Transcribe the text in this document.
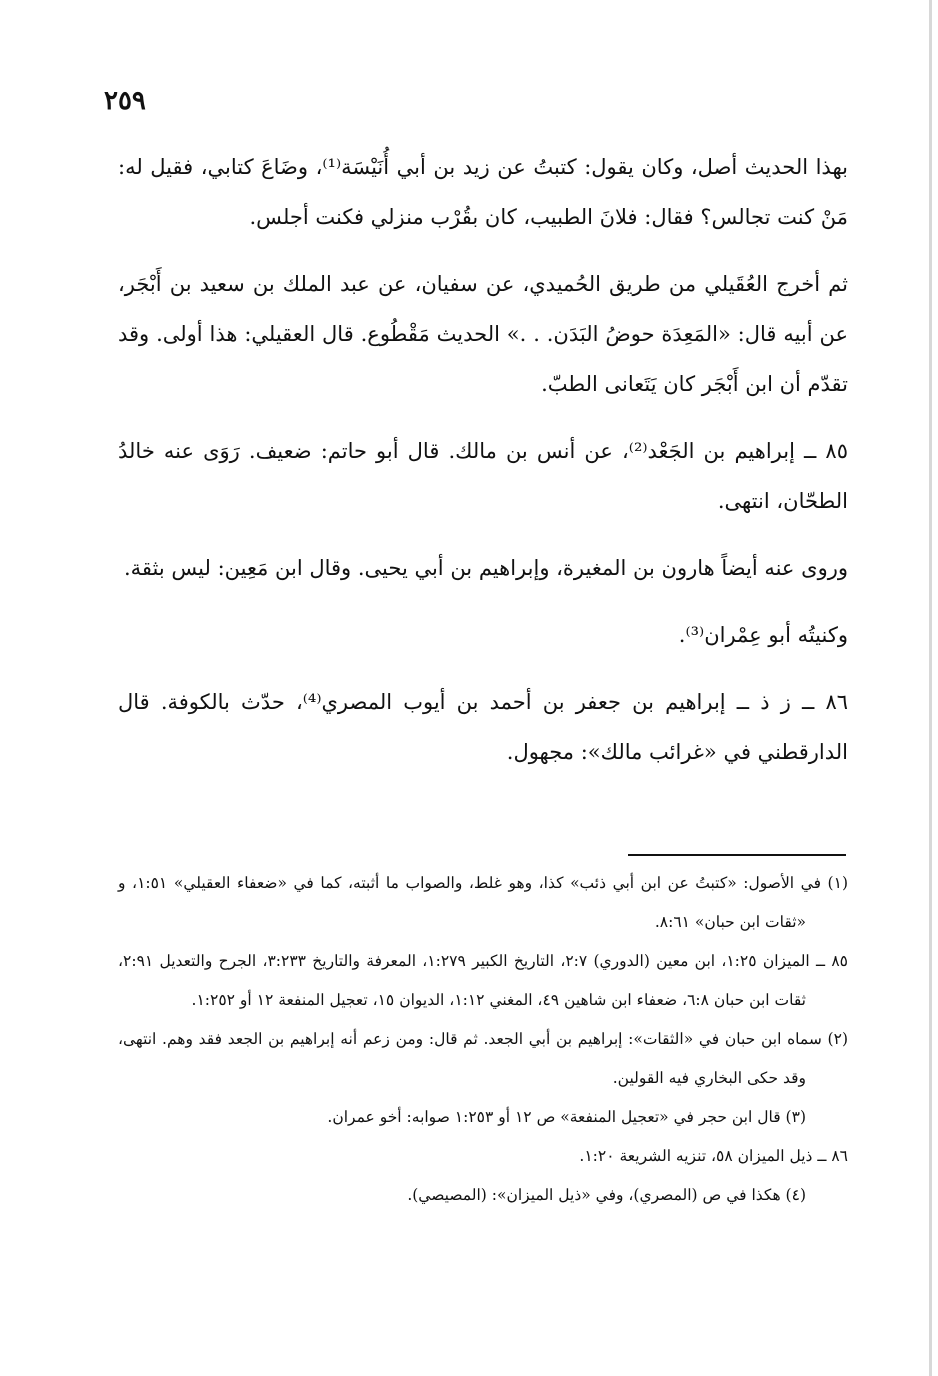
٢٥٩

بهذا الحديث أصل، وكان يقول: كتبتُ عن زيد بن أبي أُنَيْسَة⁽¹⁾، وضَاعَ كتابي، فقيل له: مَنْ كنت تجالس؟ فقال: فلانَ الطبيب، كان بقُرْب منزلي فكنت أجلس.

ثم أخرج العُقَيلي من طريق الحُميدي، عن سفيان، عن عبد الملك بن سعيد بن أَبْجَر، عن أبيه قال: «المَعِدَة حوضُ البَدَن. . .» الحديث مَقْطُوع. قال العقيلي: هذا أولى. وقد تقدّم أن ابن أَبْجَر كان يَتَعانى الطبّ.

٨٥ ــ إبراهيم بن الجَعْد⁽²⁾، عن أنس بن مالك. قال أبو حاتم: ضعيف. رَوَى عنه خالدُ الطحّان، انتهى.

وروى عنه أيضاً هارون بن المغيرة، وإبراهيم بن أبي يحيى. وقال ابن مَعِين: ليس بثقة.

وكنيتُه أبو عِمْران⁽³⁾.

٨٦ ــ ز ذ ــ إبراهيم بن جعفر بن أحمد بن أيوب المصري⁽⁴⁾، حدّث بالكوفة. قال الدارقطني في «غرائب مالك»: مجهول.

(١) في الأصول: «كتبتُ عن ابن أبي ذئب» كذا، وهو غلط، والصواب ما أثبته، كما في «ضعفاء العقيلي» ١:٥١، و «ثقات ابن حبان» ٨:٦١.

٨٥ ــ الميزان ١:٢٥، ابن معين (الدوري) ٢:٧، التاريخ الكبير ١:٢٧٩، المعرفة والتاريخ ٣:٢٣٣، الجرح والتعديل ٢:٩١، ثقات ابن حبان ٦:٨، ضعفاء ابن شاهين ٤٩، المغني ١:١٢، الديوان ١٥، تعجيل المنفعة ١٢ أو ١:٢٥٢.

(٢) سماه ابن حبان في «الثقات»: إبراهيم بن أبي الجعد. ثم قال: ومن زعم أنه إبراهيم بن الجعد فقد وهم. انتهى، وقد حكى البخاري فيه القولين.

(٣) قال ابن حجر في «تعجيل المنفعة» ص ١٢ أو ١:٢٥٣ صوابه: أخو عمران.

٨٦ ــ ذيل الميزان ٥٨، تنزيه الشريعة ١:٢٠.

(٤) هكذا في ص (المصري)، وفي «ذيل الميزان»: (المصيصي).
